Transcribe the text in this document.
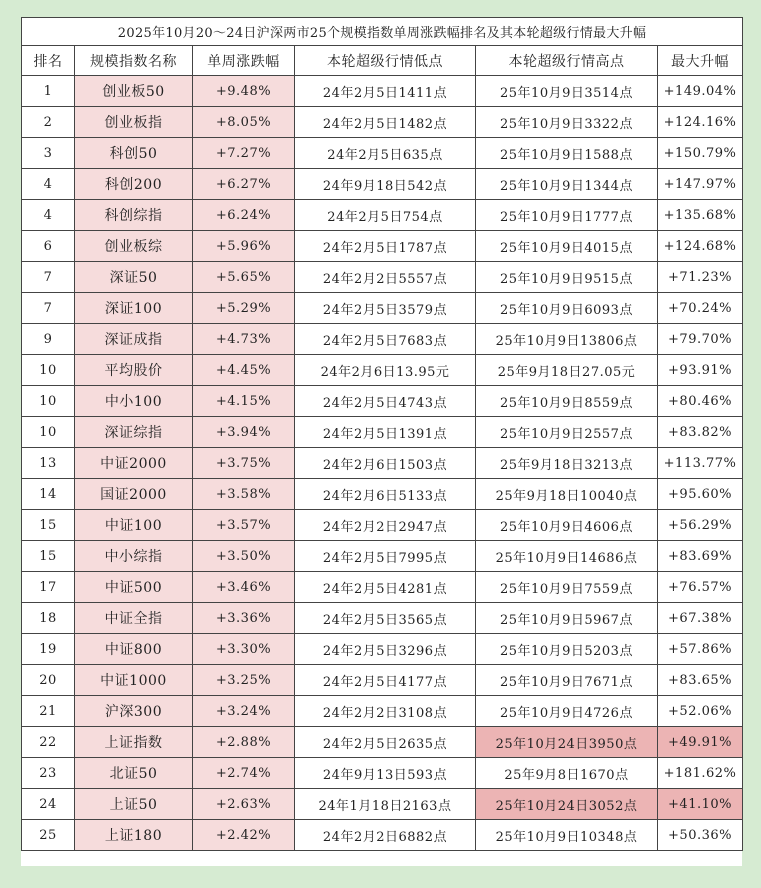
2025年10月20～24日沪深两市25个规模指数单周涨跌幅排名及其本轮超级行情最大升幅					
排名	规模指数名称	单周涨跌幅	本轮超级行情低点	本轮超级行情高点	最大升幅
1	创业板50	+9.48%	24年2月5日1411点	25年10月9日3514点	+149.04%
2	创业板指	+8.05%	24年2月5日1482点	25年10月9日3322点	+124.16%
3	科创50	+7.27%	24年2月5日635点	25年10月9日1588点	+150.79%
4	科创200	+6.27%	24年9月18日542点	25年10月9日1344点	+147.97%
4	科创综指	+6.24%	24年2月5日754点	25年10月9日1777点	+135.68%
6	创业板综	+5.96%	24年2月5日1787点	25年10月9日4015点	+124.68%
7	深证50	+5.65%	24年2月2日5557点	25年10月9日9515点	+71.23%
7	深证100	+5.29%	24年2月5日3579点	25年10月9日6093点	+70.24%
9	深证成指	+4.73%	24年2月5日7683点	25年10月9日13806点	+79.70%
10	平均股价	+4.45%	24年2月6日13.95元	25年9月18日27.05元	+93.91%
10	中小100	+4.15%	24年2月5日4743点	25年10月9日8559点	+80.46%
10	深证综指	+3.94%	24年2月5日1391点	25年10月9日2557点	+83.82%
13	中证2000	+3.75%	24年2月6日1503点	25年9月18日3213点	+113.77%
14	国证2000	+3.58%	24年2月6日5133点	25年9月18日10040点	+95.60%
15	中证100	+3.57%	24年2月2日2947点	25年10月9日4606点	+56.29%
15	中小综指	+3.50%	24年2月5日7995点	25年10月9日14686点	+83.69%
17	中证500	+3.46%	24年2月5日4281点	25年10月9日7559点	+76.57%
18	中证全指	+3.36%	24年2月5日3565点	25年10月9日5967点	+67.38%
19	中证800	+3.30%	24年2月5日3296点	25年10月9日5203点	+57.86%
20	中证1000	+3.25%	24年2月5日4177点	25年10月9日7671点	+83.65%
21	沪深300	+3.24%	24年2月2日3108点	25年10月9日4726点	+52.06%
22	上证指数	+2.88%	24年2月5日2635点	25年10月24日3950点	+49.91%
23	北证50	+2.74%	24年9月13日593点	25年9月8日1670点	+181.62%
24	上证50	+2.63%	24年1月18日2163点	25年10月24日3052点	+41.10%
25	上证180	+2.42%	24年2月2日6882点	25年10月9日10348点	+50.36%
